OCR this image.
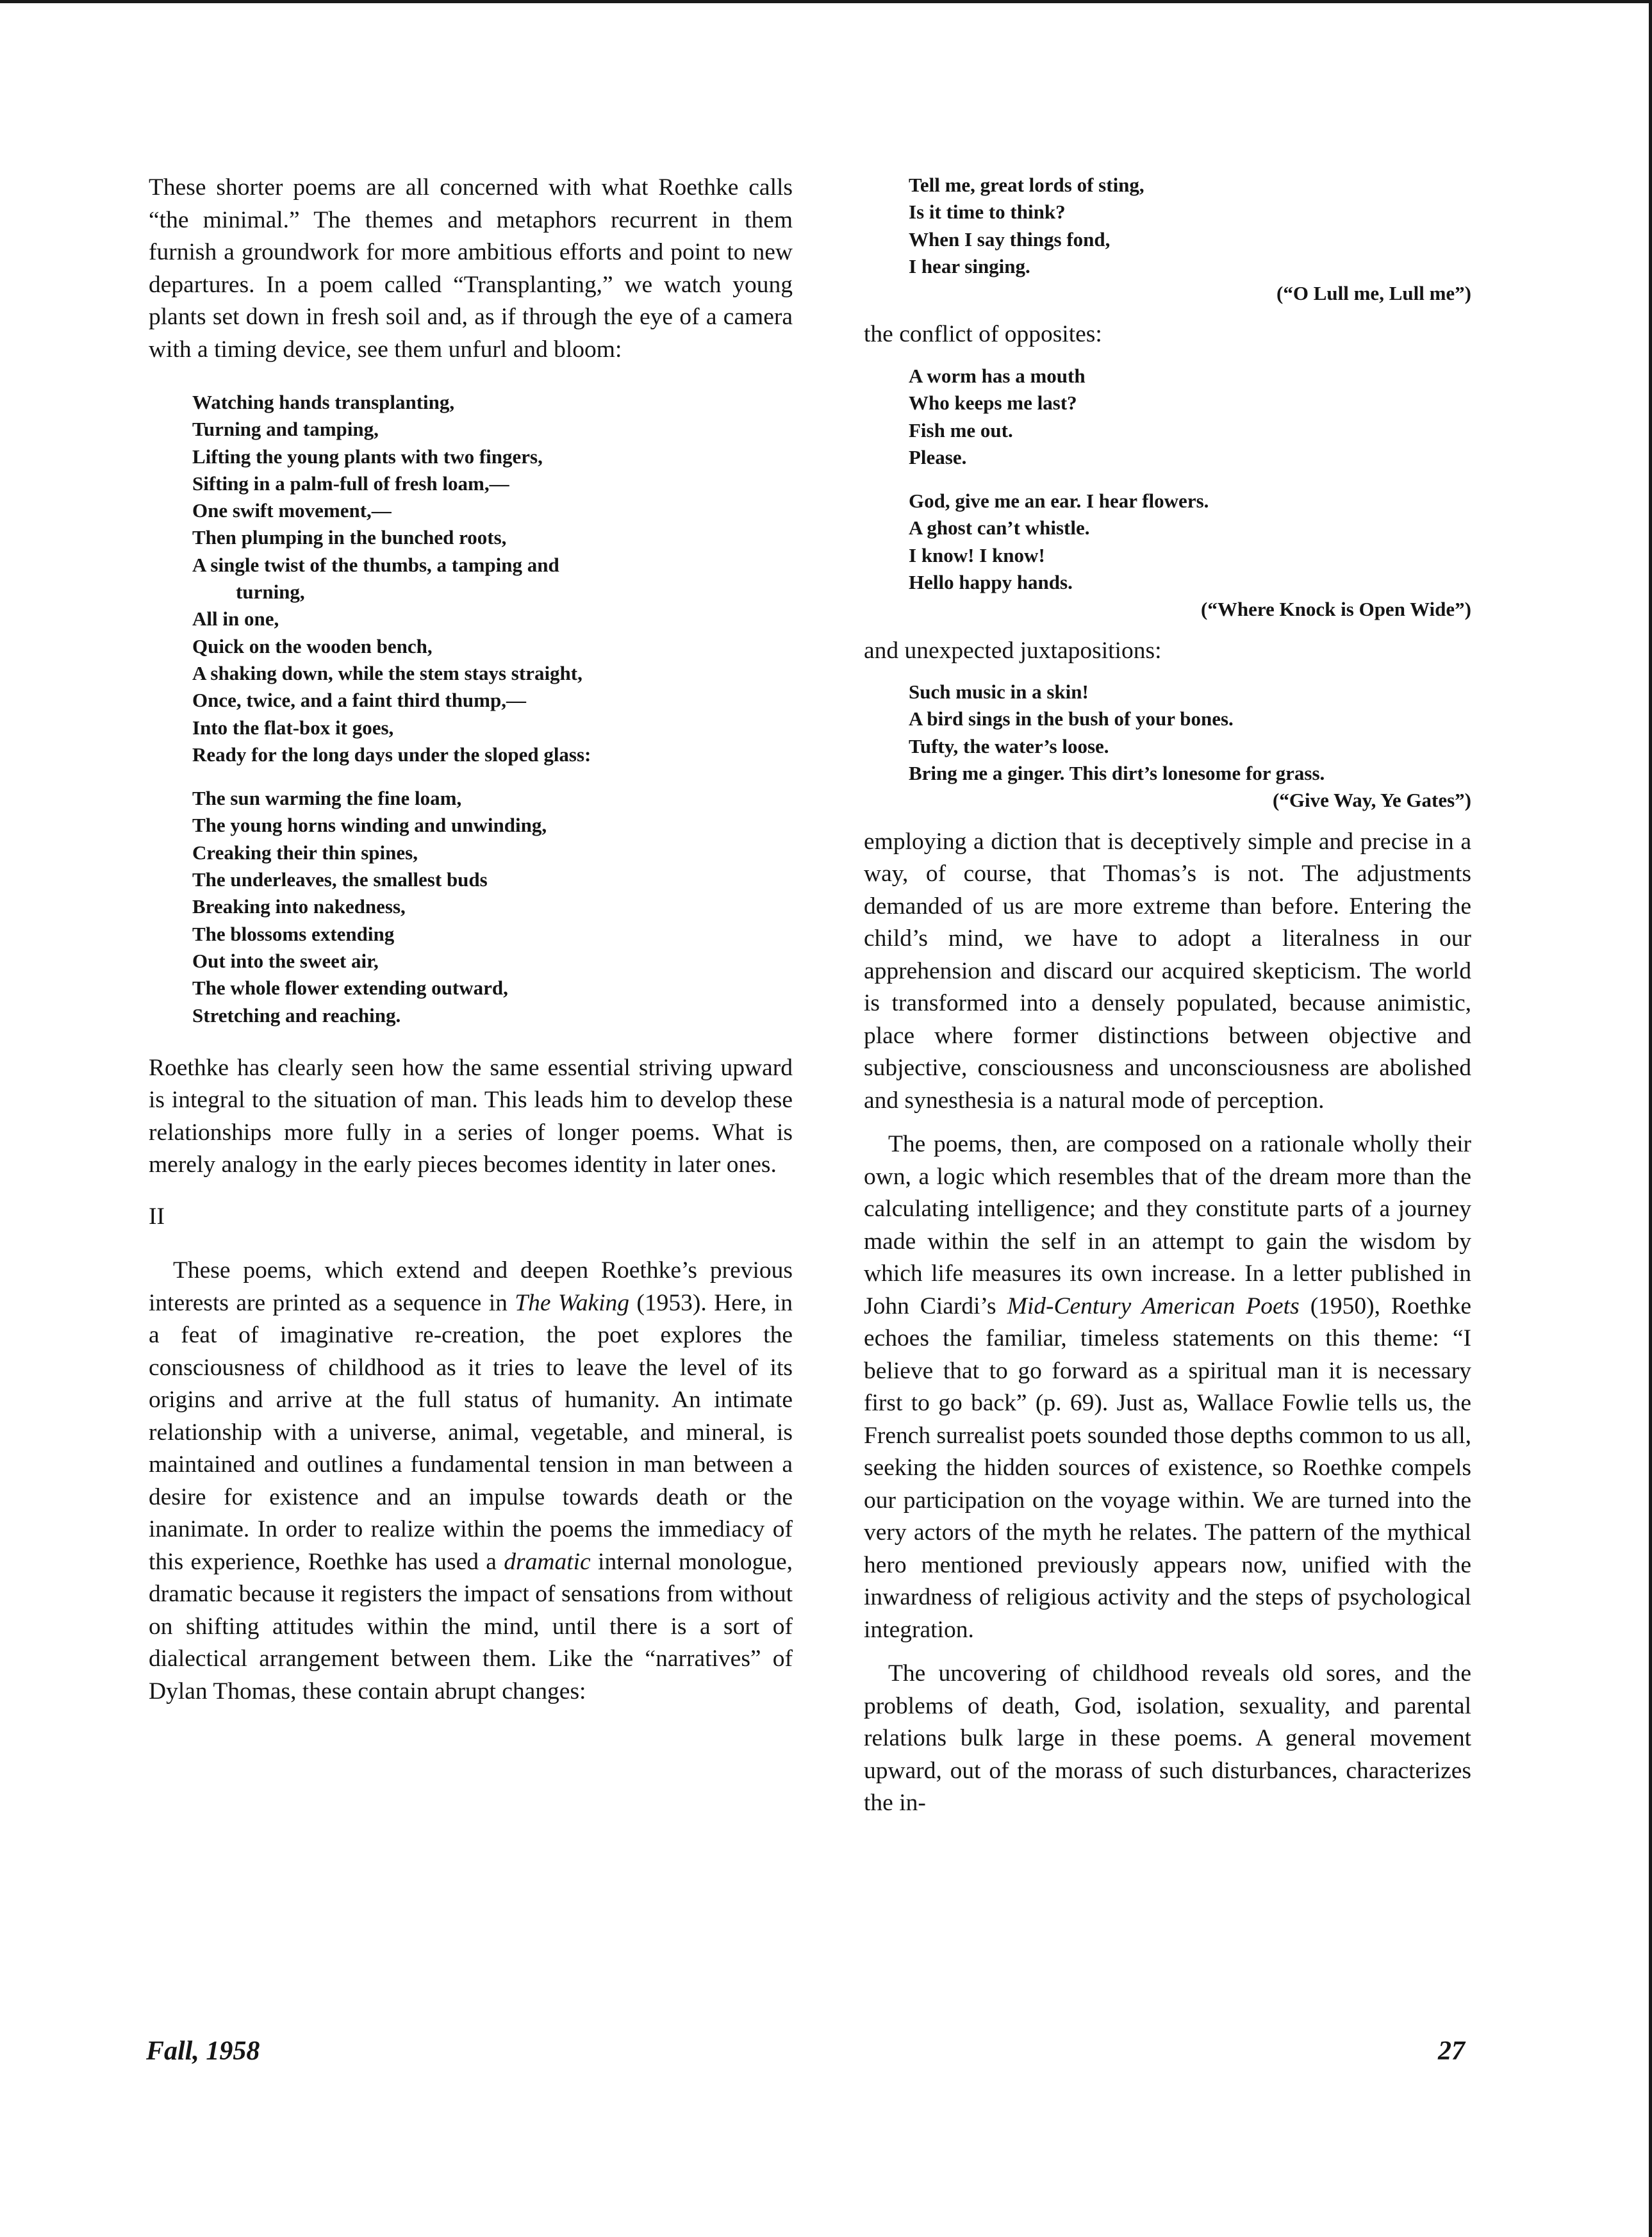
These shorter poems are all concerned with what Roethke calls “the minimal.” The themes and metaphors recurrent in them furnish a groundwork for more ambitious efforts and point to new departures. In a poem called “Transplanting,” we watch young plants set down in fresh soil and, as if through the eye of a camera with a timing device, see them unfurl and bloom:

Watching hands transplanting,
Turning and tamping,
Lifting the young plants with two fingers,
Sifting in a palm-full of fresh loam,—
One swift movement,—
Then plumping in the bunched roots,
A single twist of the thumbs, a tamping and
turning,
All in one,
Quick on the wooden bench,
A shaking down, while the stem stays straight,
Once, twice, and a faint third thump,—
Into the flat-box it goes,
Ready for the long days under the sloped glass:
The sun warming the fine loam,
The young horns winding and unwinding,
Creaking their thin spines,
The underleaves, the smallest buds
Breaking into nakedness,
The blossoms extending
Out into the sweet air,
The whole flower extending outward,
Stretching and reaching.

Roethke has clearly seen how the same essential striving upward is integral to the situation of man. This leads him to develop these relationships more fully in a series of longer poems. What is merely analogy in the early pieces becomes identity in later ones.

II

These poems, which extend and deepen Roethke’s previous interests are printed as a sequence in The Waking (1953). Here, in a feat of imaginative re-creation, the poet explores the consciousness of childhood as it tries to leave the level of its origins and arrive at the full status of humanity. An intimate relationship with a universe, animal, vegetable, and mineral, is maintained and outlines a fundamental tension in man between a desire for existence and an impulse towards death or the inanimate. In order to realize within the poems the immediacy of this experience, Roethke has used a dramatic internal monologue, dramatic because it registers the impact of sensations from without on shifting attitudes within the mind, until there is a sort of dialectical arrangement between them. Like the “narratives” of Dylan Thomas, these contain abrupt changes:

Tell me, great lords of sting,
Is it time to think?
When I say things fond,
I hear singing.
(“O Lull me, Lull me”)

the conflict of opposites:

A worm has a mouth
Who keeps me last?
Fish me out.
Please.
God, give me an ear. I hear flowers.
A ghost can’t whistle.
I know! I know!
Hello happy hands.
(“Where Knock is Open Wide”)

and unexpected juxtapositions:

Such music in a skin!
A bird sings in the bush of your bones.
Tufty, the water’s loose.
Bring me a ginger. This dirt’s lonesome for grass.
(“Give Way, Ye Gates”)

employing a diction that is deceptively simple and precise in a way, of course, that Thomas’s is not. The adjustments demanded of us are more extreme than before. Entering the child’s mind, we have to adopt a literalness in our apprehension and discard our acquired skepticism. The world is transformed into a densely populated, because animistic, place where former distinctions between objective and subjective, consciousness and unconsciousness are abolished and synesthesia is a natural mode of perception.

The poems, then, are composed on a rationale wholly their own, a logic which resembles that of the dream more than the calculating intelligence; and they constitute parts of a journey made within the self in an attempt to gain the wisdom by which life measures its own increase. In a letter published in John Ciardi’s Mid-Century American Poets (1950), Roethke echoes the familiar, timeless statements on this theme: “I believe that to go forward as a spiritual man it is necessary first to go back” (p. 69). Just as, Wallace Fowlie tells us, the French surrealist poets sounded those depths common to us all, seeking the hidden sources of existence, so Roethke compels our participation on the voyage within. We are turned into the very actors of the myth he relates. The pattern of the mythical hero mentioned previously appears now, unified with the inwardness of religious activity and the steps of psychological integration.

The uncovering of childhood reveals old sores, and the problems of death, God, isolation, sexuality, and parental relations bulk large in these poems. A general movement upward, out of the morass of such disturbances, characterizes the in-

Fall, 1958	27
